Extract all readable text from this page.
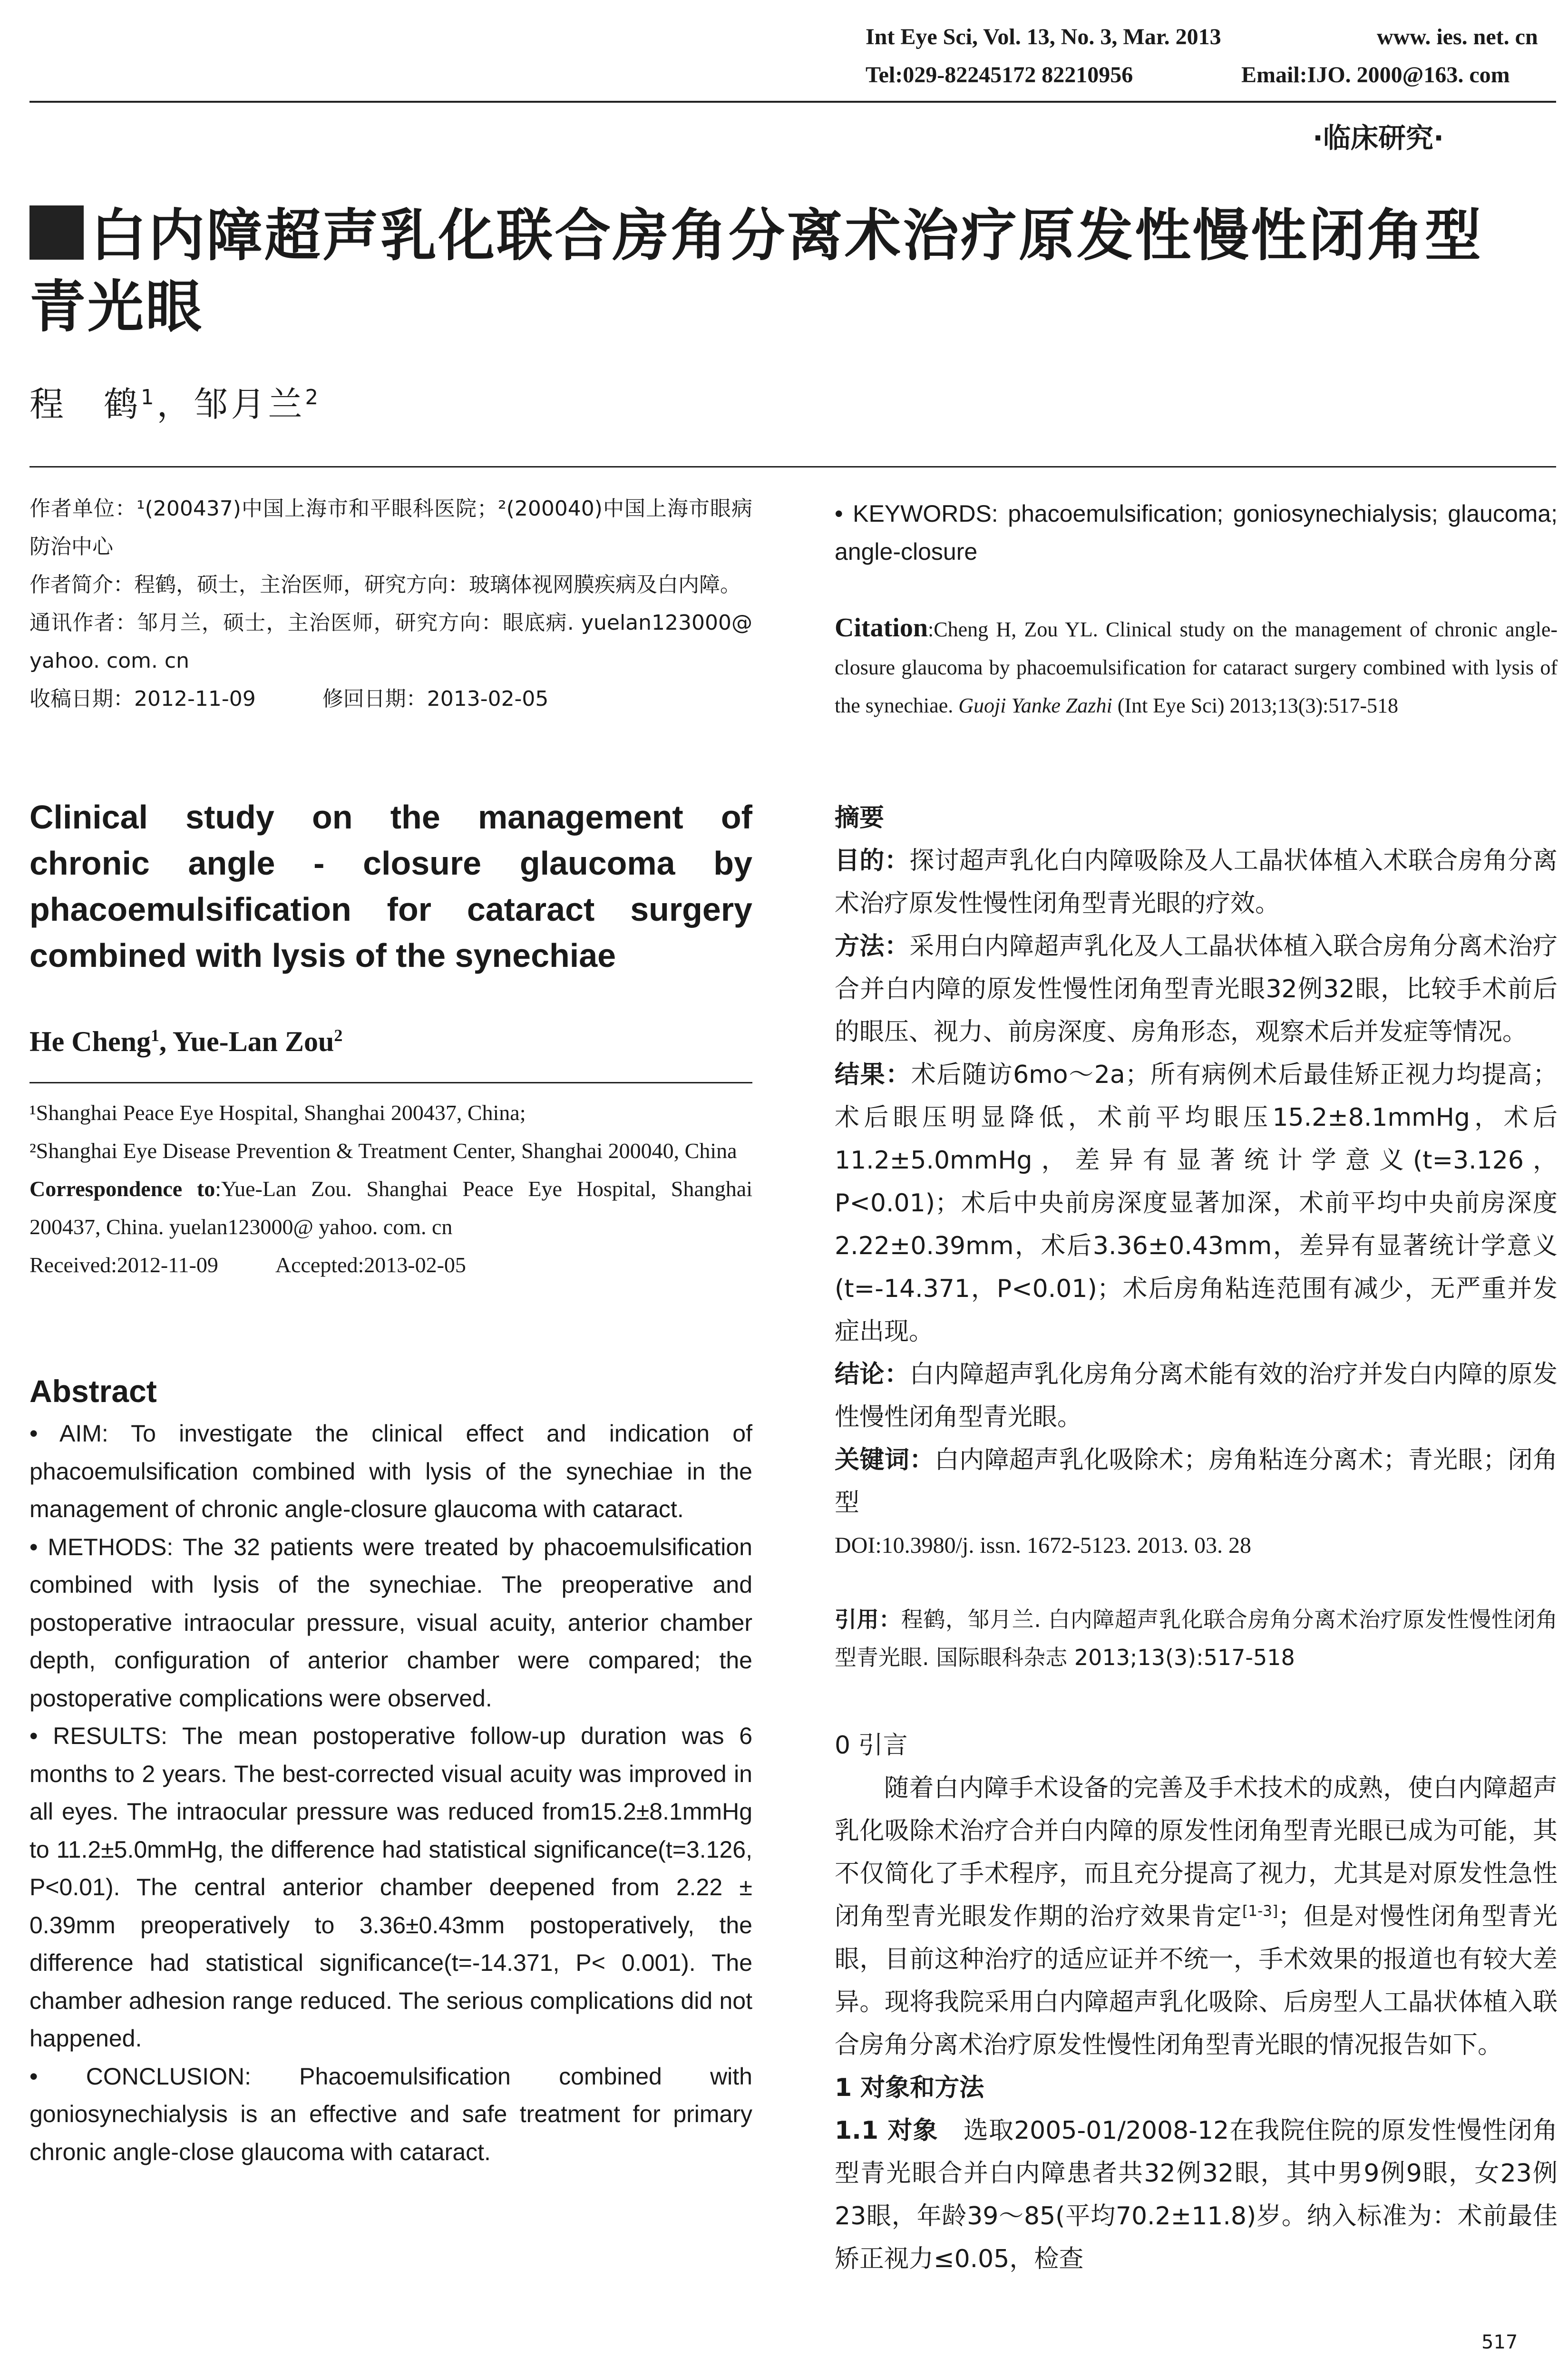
Int Eye Sci, Vol. 13, No. 3, Mar. 2013	www. ies. net. cn
Tel:029-82245172 82210956	Email:IJO. 2000@163. com
·临床研究·
白内障超声乳化联合房角分离术治疗原发性慢性闭角型
青光眼
程　鹤$^1$，邹月兰$^2$

作者单位：¹(200437)中国上海市和平眼科医院；²(200040)中国上海市眼病防治中心

作者简介：程鹤，硕士，主治医师，研究方向：玻璃体视网膜疾病及白内障。

通讯作者：邹月兰，硕士，主治医师，研究方向：眼底病. yuelan123000@ yahoo. com. cn

收稿日期：2012-11-09	修回日期：2013-02-05

Clinical study on the management of
chronic angle - closure glaucoma by
phacoemulsification for cataract surgery
combined with lysis of the synechiae
He Cheng$^1$, Yue-Lan Zou$^2$

¹Shanghai Peace Eye Hospital, Shanghai 200437, China;

²Shanghai Eye Disease Prevention & Treatment Center, Shanghai 200040, China

Correspondence to:Yue-Lan Zou. Shanghai Peace Eye Hospital, Shanghai 200437, China. yuelan123000@ yahoo. com. cn

Received:2012-11-09	Accepted:2013-02-05

Abstract

• AIM: To investigate the clinical effect and indication of phacoemulsification combined with lysis of the synechiae in the management of chronic angle-closure glaucoma with cataract.

• METHODS: The 32 patients were treated by phacoemulsification combined with lysis of the synechiae. The preoperative and postoperative intraocular pressure, visual acuity, anterior chamber depth, configuration of anterior chamber were compared; the postoperative complications were observed.

• RESULTS: The mean postoperative follow-up duration was 6 months to 2 years. The best-corrected visual acuity was improved in all eyes. The intraocular pressure was reduced from15.2±8.1mmHg to 11.2±5.0mmHg, the difference had statistical significance(t=3.126, P<0.01). The central anterior chamber deepened from 2.22 ± 0.39mm preoperatively to 3.36±0.43mm postoperatively, the difference had statistical significance(t=-14.371, P< 0.001). The chamber adhesion range reduced. The serious complications did not happened.

• CONCLUSION: Phacoemulsification combined with goniosynechialysis is an effective and safe treatment for primary chronic angle-close glaucoma with cataract.

• KEYWORDS: phacoemulsification; goniosynechialysis; glaucoma; angle-closure
Citation:Cheng H, Zou YL. Clinical study on the management of chronic angle-closure glaucoma by phacoemulsification for cataract surgery combined with lysis of the synechiae. Guoji Yanke Zazhi (Int Eye Sci) 2013;13(3):517-518

摘要

目的：探讨超声乳化白内障吸除及人工晶状体植入术联合房角分离术治疗原发性慢性闭角型青光眼的疗效。

方法：采用白内障超声乳化及人工晶状体植入联合房角分离术治疗合并白内障的原发性慢性闭角型青光眼32例32眼，比较手术前后的眼压、视力、前房深度、房角形态，观察术后并发症等情况。

结果：术后随访6mo～2a；所有病例术后最佳矫正视力均提高；术后眼压明显降低，术前平均眼压15.2±8.1mmHg，术后11.2±5.0mmHg，差异有显著统计学意义(t=3.126，P<0.01)；术后中央前房深度显著加深，术前平均中央前房深度2.22±0.39mm，术后3.36±0.43mm，差异有显著统计学意义(t=-14.371，P<0.01)；术后房角粘连范围有减少，无严重并发症出现。

结论：白内障超声乳化房角分离术能有效的治疗并发白内障的原发性慢性闭角型青光眼。

关键词：白内障超声乳化吸除术；房角粘连分离术；青光眼；闭角型

DOI:10.3980/j. issn. 1672-5123. 2013. 03. 28

引用：程鹤，邹月兰. 白内障超声乳化联合房角分离术治疗原发性慢性闭角型青光眼. 国际眼科杂志 2013;13(3):517-518

0 引言

随着白内障手术设备的完善及手术技术的成熟，使白内障超声乳化吸除术治疗合并白内障的原发性闭角型青光眼已成为可能，其不仅简化了手术程序，而且充分提高了视力，尤其是对原发性急性闭角型青光眼发作期的治疗效果肯定[1-3]；但是对慢性闭角型青光眼，目前这种治疗的适应证并不统一，手术效果的报道也有较大差异。现将我院采用白内障超声乳化吸除、后房型人工晶状体植入联合房角分离术治疗原发性慢性闭角型青光眼的情况报告如下。

1 对象和方法

1.1 对象　 选取2005-01/2008-12在我院住院的原发性慢性闭角型青光眼合并白内障患者共32例32眼，其中男9例9眼，女23例23眼，年龄39～85(平均70.2±11.8)岁。纳入标准为：术前最佳矫正视力≤0.05，检查

517
